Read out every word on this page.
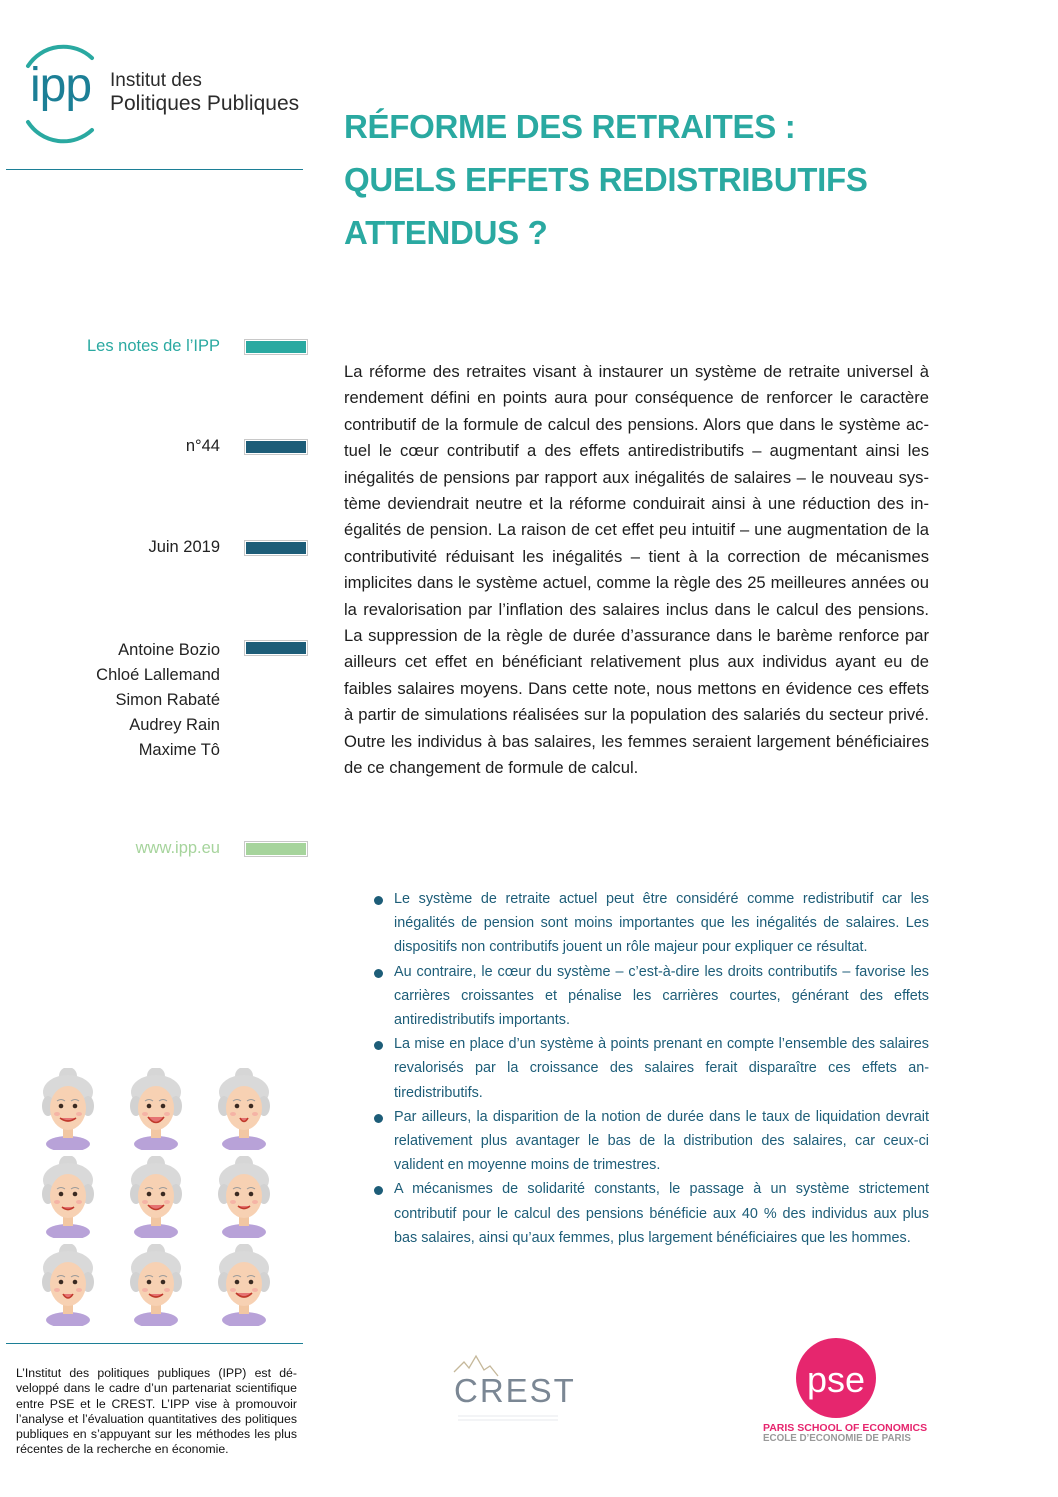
ipp Institut des
Politiques Publiques
RÉFORME DES RETRAITES :
QUELS EFFETS REDISTRIBUTIFS
ATTENDUS ?
Les notes de l’IPP
n°44
Juin 2019
Antoine Bozio
Chloé Lallemand
Simon Rabaté
Audrey Rain
Maxime Tô
www.ipp.eu
La réforme des retraites visant à instaurer un système de retraite universel à rendement défini en points aura pour conséquence de renforcer le caractère contributif de la formule de calcul des pensions. Alors que dans le système actuel le cœur contributif a des effets antiredistributifs – augmentant ainsi les inégalités de pensions par rapport aux inégalités de salaires – le nouveau système deviendrait neutre et la réforme conduirait ainsi à une réduction des inégalités de pension. La raison de cet effet peu intuitif – une augmentation de la contributivité réduisant les inégalités – tient à la correction de mécanismes implicites dans le système actuel, comme la règle des 25 meilleures années ou la revalorisation par l’inflation des salaires inclus dans le calcul des pensions. La suppression de la règle de durée d’assurance dans le barème renforce par ailleurs cet effet en bénéficiant relativement plus aux individus ayant eu de faibles salaires moyens. Dans cette note, nous mettons en évidence ces effets à partir de simulations réalisées sur la population des salariés du secteur privé. Outre les individus à bas salaires, les femmes seraient largement bénéficiaires de ce changement de formule de calcul.
Le système de retraite actuel peut être considéré comme redistributif car les inégalités de pension sont moins importantes que les inégalités de salaires. Les dispositifs non contributifs jouent un rôle majeur pour expliquer ce résultat.
Au contraire, le cœur du système – c’est-à-dire les droits contributifs – favorise les carrières croissantes et pénalise les carrières courtes, générant des effets antiredistributifs importants.
La mise en place d’un système à points prenant en compte l’ensemble des salaires revalorisés par la croissance des salaires ferait disparaître ces effets antiredistributifs.
Par ailleurs, la disparition de la notion de durée dans le taux de liquidation devrait relativement plus avantager le bas de la distribution des salaires, car ceux-ci valident en moyenne moins de trimestres.
A mécanismes de solidarité constants, le passage à un système strictement contributif pour le calcul des pensions bénéficie aux 40 % des individus aux plus bas salaires, ainsi qu’aux femmes, plus largement bénéficiaires que les hommes.
L’Institut des politiques publiques (IPP) est développé dans le cadre d’un partenariat scientifique entre PSE et le CREST. L’IPP vise à promouvoir l’analyse et l’évaluation quantitatives des politiques publiques en s’appuyant sur les méthodes les plus récentes de la recherche en économie.
CREST	pse
PARIS SCHOOL OF ECONOMICS
ECOLE D’ECONOMIE DE PARIS
